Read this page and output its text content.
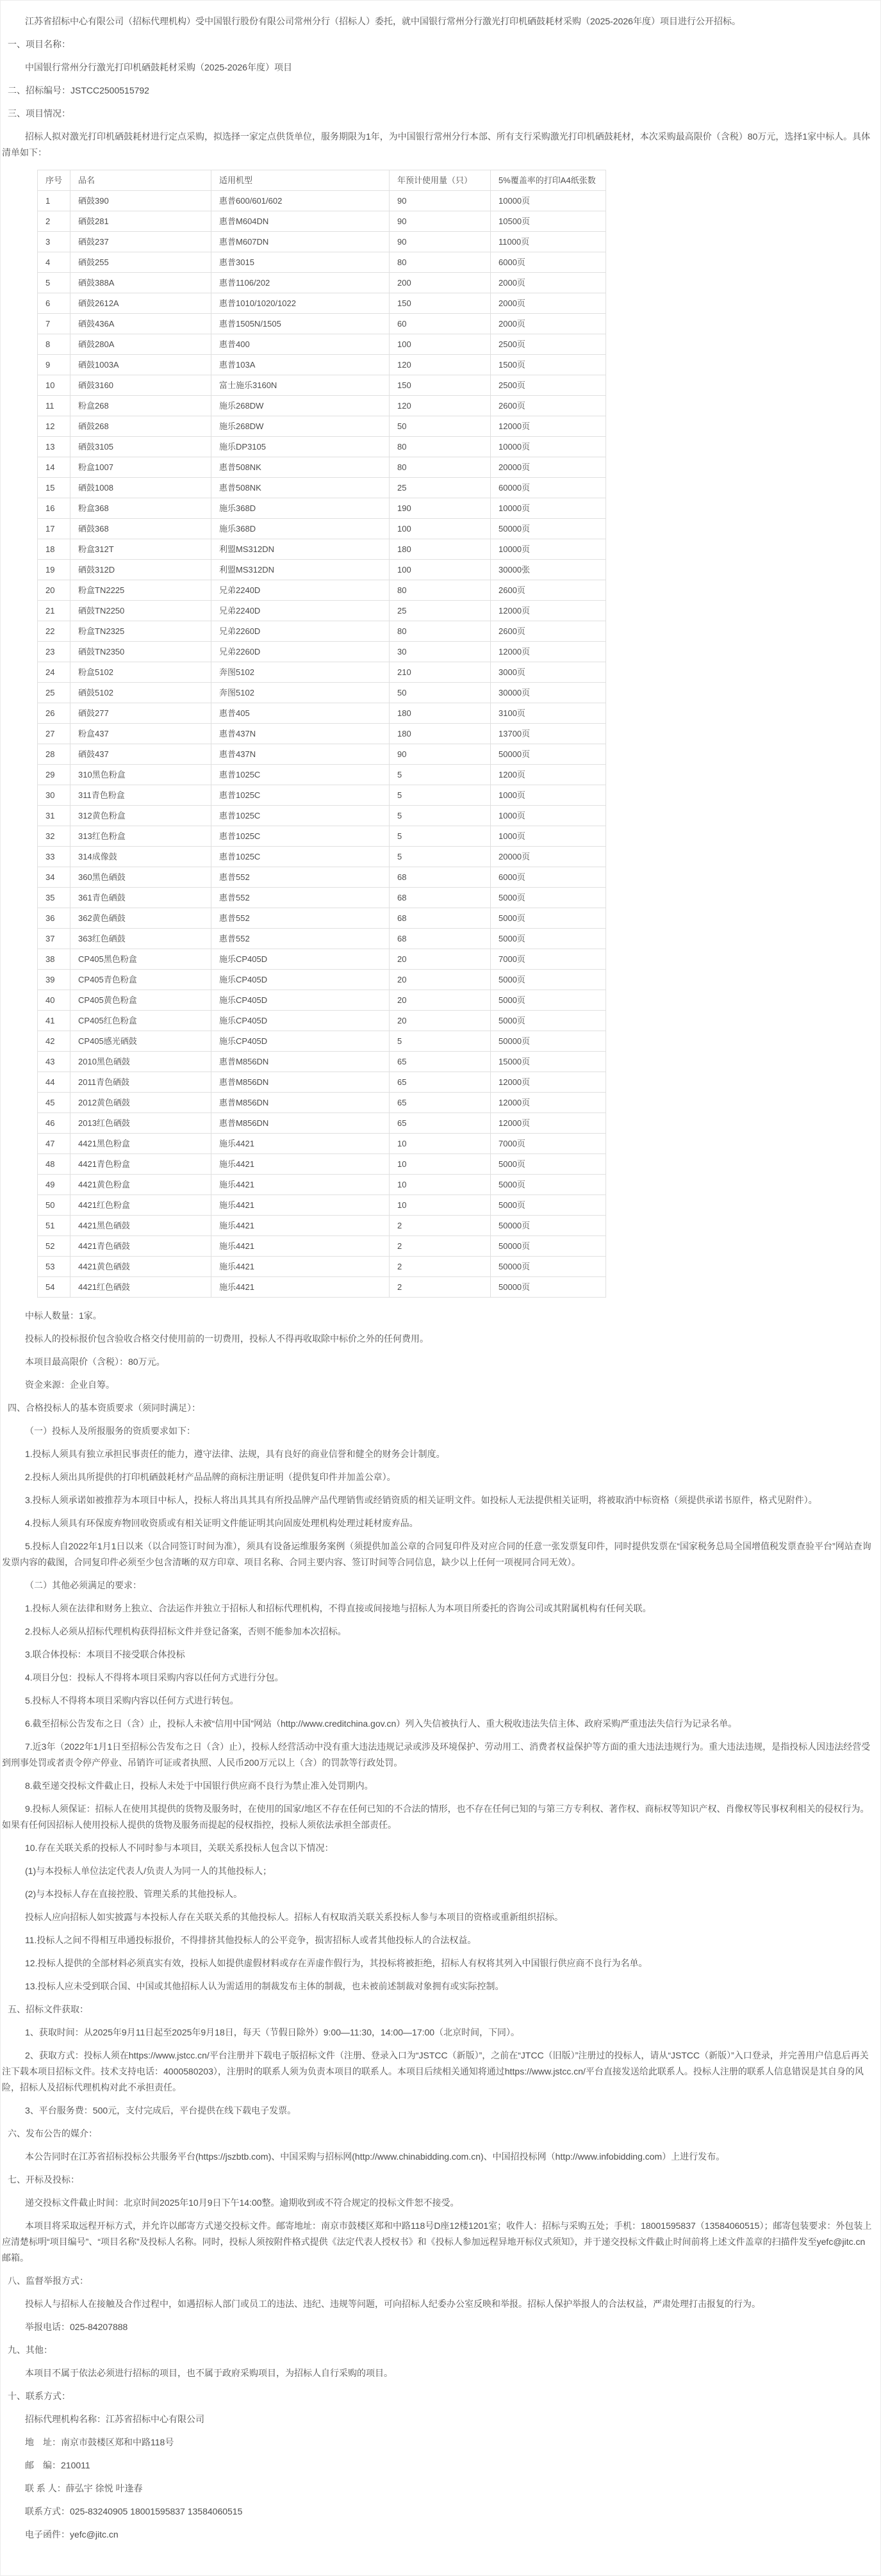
江苏省招标中心有限公司（招标代理机构）受中国银行股份有限公司常州分行（招标人）委托，就中国银行常州分行激光打印机硒鼓耗材采购（2025-2026年度）项目进行公开招标。
一、项目名称：
中国银行常州分行激光打印机硒鼓耗材采购（2025-2026年度）项目
二、招标编号：JSTCC2500515792
三、项目情况：
招标人拟对激光打印机硒鼓耗材进行定点采购，拟选择一家定点供货单位，服务期限为1年，为中国银行常州分行本部、所有支行采购激光打印机硒鼓耗材，本次采购最高限价（含税）80万元，选择1家中标人。具体清单如下：
序号	品名	适用机型	年预计使用量（只）	5%覆盖率的打印A4纸张数
1	硒鼓390	惠普600/601/602	90	10000页
2	硒鼓281	惠普M604DN	90	10500页
3	硒鼓237	惠普M607DN	90	11000页
4	硒鼓255	惠普3015	80	6000页
5	硒鼓388A	惠普1106/202	200	2000页
6	硒鼓2612A	惠普1010/1020/1022	150	2000页
7	硒鼓436A	惠普1505N/1505	60	2000页
8	硒鼓280A	惠普400	100	2500页
9	硒鼓1003A	惠普103A	120	1500页
10	硒鼓3160	富士施乐3160N	150	2500页
11	粉盒268	施乐268DW	120	2600页
12	硒鼓268	施乐268DW	50	12000页
13	硒鼓3105	施乐DP3105	80	10000页
14	粉盒1007	惠普508NK	80	20000页
15	硒鼓1008	惠普508NK	25	60000页
16	粉盒368	施乐368D	190	10000页
17	硒鼓368	施乐368D	100	50000页
18	粉盒312T	利盟MS312DN	180	10000页
19	硒鼓312D	利盟MS312DN	100	30000张
20	粉盒TN2225	兄弟2240D	80	2600页
21	硒鼓TN2250	兄弟2240D	25	12000页
22	粉盒TN2325	兄弟2260D	80	2600页
23	硒鼓TN2350	兄弟2260D	30	12000页
24	粉盒5102	奔图5102	210	3000页
25	硒鼓5102	奔图5102	50	30000页
26	硒鼓277	惠普405	180	3100页
27	粉盒437	惠普437N	180	13700页
28	硒鼓437	惠普437N	90	50000页
29	310黑色粉盒	惠普1025C	5	1200页
30	311青色粉盒	惠普1025C	5	1000页
31	312黄色粉盒	惠普1025C	5	1000页
32	313红色粉盒	惠普1025C	5	1000页
33	314成像鼓	惠普1025C	5	20000页
34	360黑色硒鼓	惠普552	68	6000页
35	361青色硒鼓	惠普552	68	5000页
36	362黄色硒鼓	惠普552	68	5000页
37	363红色硒鼓	惠普552	68	5000页
38	CP405黑色粉盒	施乐CP405D	20	7000页
39	CP405青色粉盒	施乐CP405D	20	5000页
40	CP405黄色粉盒	施乐CP405D	20	5000页
41	CP405红色粉盒	施乐CP405D	20	5000页
42	CP405感光硒鼓	施乐CP405D	5	50000页
43	2010黑色硒鼓	惠普M856DN	65	15000页
44	2011青色硒鼓	惠普M856DN	65	12000页
45	2012黄色硒鼓	惠普M856DN	65	12000页
46	2013红色硒鼓	惠普M856DN	65	12000页
47	4421黑色粉盒	施乐4421	10	7000页
48	4421青色粉盒	施乐4421	10	5000页
49	4421黄色粉盒	施乐4421	10	5000页
50	4421红色粉盒	施乐4421	10	5000页
51	4421黑色硒鼓	施乐4421	2	50000页
52	4421青色硒鼓	施乐4421	2	50000页
53	4421黄色硒鼓	施乐4421	2	50000页
54	4421红色硒鼓	施乐4421	2	50000页
中标人数量：1家。
投标人的投标报价包含验收合格交付使用前的一切费用，投标人不得再收取除中标价之外的任何费用。
本项目最高限价（含税）：80万元。
资金来源：企业自筹。
四、合格投标人的基本资质要求（须同时满足）：
（一）投标人及所报服务的资质要求如下：
1.投标人须具有独立承担民事责任的能力，遵守法律、法规，具有良好的商业信誉和健全的财务会计制度。
2.投标人须出具所提供的打印机硒鼓耗材产品品牌的商标注册证明（提供复印件并加盖公章）。
3.投标人须承诺如被推荐为本项目中标人，投标人将出具其具有所投品牌产品代理销售或经销资质的相关证明文件。如投标人无法提供相关证明，将被取消中标资格（须提供承诺书原件，格式见附件）。
4.投标人须具有环保废弃物回收资质或有相关证明文件能证明其向固废处理机构处理过耗材废弃品。
5.投标人自2022年1月1日以来（以合同签订时间为准），须具有设备运维服务案例（须提供加盖公章的合同复印件及对应合同的任意一张发票复印件，同时提供发票在“国家税务总局全国增值税发票查验平台”网站查询发票内容的截图，合同复印件必须至少包含清晰的双方印章、项目名称、合同主要内容、签订时间等合同信息，缺少以上任何一项视同合同无效）。
（二）其他必须满足的要求：
1.投标人须在法律和财务上独立、合法运作并独立于招标人和招标代理机构，不得直接或间接地与招标人为本项目所委托的咨询公司或其附属机构有任何关联。
2.投标人必须从招标代理机构获得招标文件并登记备案，否则不能参加本次招标。
3.联合体投标：本项目不接受联合体投标
4.项目分包：投标人不得将本项目采购内容以任何方式进行分包。
5.投标人不得将本项目采购内容以任何方式进行转包。
6.截至招标公告发布之日（含）止，投标人未被“信用中国”网站（http://www.creditchina.gov.cn）列入失信被执行人、重大税收违法失信主体、政府采购严重违法失信行为记录名单。
7.近3年（2022年1月1日至招标公告发布之日（含）止），投标人经营活动中没有重大违法违规记录或涉及环境保护、劳动用工、消费者权益保护等方面的重大违法违规行为。重大违法违规，是指投标人因违法经营受到刑事处罚或者责令停产停业、吊销许可证或者执照、人民币200万元以上（含）的罚款等行政处罚。
8.截至递交投标文件截止日，投标人未处于中国银行供应商不良行为禁止准入处罚期内。
9.投标人须保证：招标人在使用其提供的货物及服务时，在使用的国家/地区不存在任何已知的不合法的情形，也不存在任何已知的与第三方专利权、著作权、商标权等知识产权、肖像权等民事权利相关的侵权行为。如果有任何因招标人使用投标人提供的货物及服务而提起的侵权指控，投标人须依法承担全部责任。
10.存在关联关系的投标人不同时参与本项目，关联关系投标人包含以下情况：
(1)与本投标人单位法定代表人/负责人为同一人的其他投标人；
(2)与本投标人存在直接控股、管理关系的其他投标人。
投标人应向招标人如实披露与本投标人存在关联关系的其他投标人。招标人有权取消关联关系投标人参与本项目的资格或重新组织招标。
11.投标人之间不得相互串通投标报价，不得排挤其他投标人的公平竞争，损害招标人或者其他投标人的合法权益。
12.投标人提供的全部材料必须真实有效，投标人如提供虚假材料或存在弄虚作假行为，其投标将被拒绝，招标人有权将其列入中国银行供应商不良行为名单。
13.投标人应未受到联合国、中国或其他招标人认为需适用的制裁发布主体的制裁，也未被前述制裁对象拥有或实际控制。
五、招标文件获取：
1、获取时间：从2025年9月11日起至2025年9月18日，每天（节假日除外）9:00—11:30，14:00—17:00（北京时间，下同）。
2、获取方式：投标人须在https://www.jstcc.cn/平台注册并下载电子版招标文件（注册、登录入口为“JSTCC（新版）”，之前在“JTCC（旧版）”注册过的投标人，请从“JSTCC（新版）”入口登录，并完善用户信息后再关注下载本项目招标文件。技术支持电话：4000580203），注册时的联系人须为负责本项目的联系人。本项目后续相关通知将通过https://www.jstcc.cn/平台直接发送给此联系人。投标人注册的联系人信息错误是其自身的风险，招标人及招标代理机构对此不承担责任。
3、平台服务费：500元，支付完成后，平台提供在线下载电子发票。
六、发布公告的媒介：
本公告同时在江苏省招标投标公共服务平台(https://jszbtb.com)、中国采购与招标网(http://www.chinabidding.com.cn)、中国招投标网（http://www.infobidding.com）上进行发布。
七、开标及投标：
递交投标文件截止时间：北京时间2025年10月9日下午14:00整。逾期收到或不符合规定的投标文件恕不接受。
本项目将采取远程开标方式，并允许以邮寄方式递交投标文件。邮寄地址：南京市鼓楼区郑和中路118号D座12楼1201室；收件人：招标与采购五处；手机：18001595837（13584060515）；邮寄包装要求：外包装上应清楚标明“项目编号”、“项目名称”及投标人名称。同时，投标人须按附件格式提供《法定代表人授权书》和《投标人参加远程异地开标仪式须知》，并于递交投标文件截止时间前将上述文件盖章的扫描件发至yefc@jitc.cn 邮箱。
八、监督举报方式：
投标人与招标人在接触及合作过程中，如遇招标人部门或员工的违法、违纪、违规等问题，可向招标人纪委办公室反映和举报。招标人保护举报人的合法权益，严肃处理打击报复的行为。
举报电话：025-84207888
九、其他：
本项目不属于依法必须进行招标的项目，也不属于政府采购项目，为招标人自行采购的项目。
十、联系方式：
招标代理机构名称：江苏省招标中心有限公司
地　址：南京市鼓楼区郑和中路118号
邮　编：210011
联 系 人：薛弘宇 徐悦 叶逢春
联系方式：025-83240905 18001595837 13584060515
电子函件：yefc@jitc.cn
